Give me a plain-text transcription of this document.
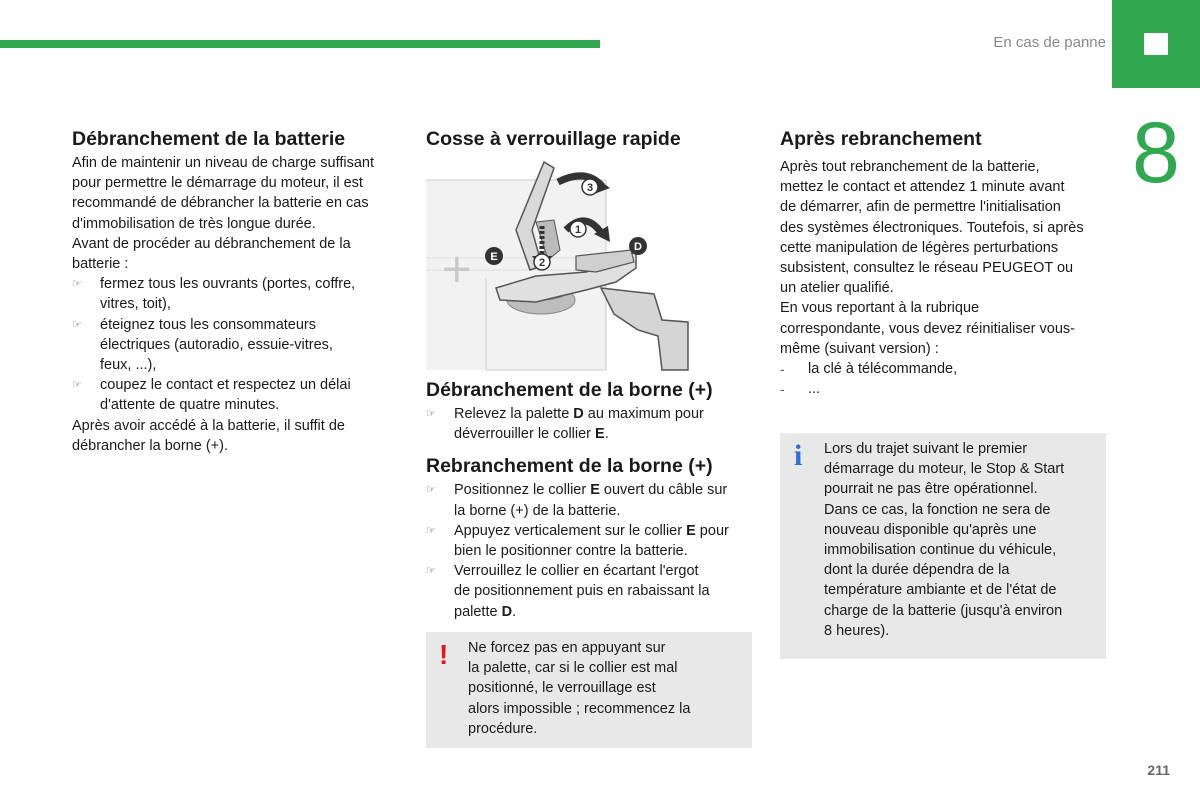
En cas de panne
8
Débranchement de la batterie

Afin de maintenir un niveau de charge suffisant

pour permettre le démarrage du moteur, il est

recommandé de débrancher la batterie en cas

d'immobilisation de très longue durée.

Avant de procéder au débranchement de la

batterie :

☞	fermez tous les ouvrants (portes, coffre,
vitres, toit),
☞	éteignez tous les consommateurs
électriques (autoradio, essuie-vitres,
feux, ...),
☞	coupez le contact et respectez un délai
d'attente de quatre minutes.

Après avoir accédé à la batterie, il suffit de

débrancher la borne (+).

Cosse à verrouillage rapide
+
3
1
2
D
E
Débranchement de la borne (+)
☞	Relevez la palette D au maximum pour
déverrouiller le collier E.
Rebranchement de la borne (+)
☞	Positionnez le collier E ouvert du câble sur
la borne (+) de la batterie.
☞	Appuyez verticalement sur le collier E pour
bien le positionner contre la batterie.
☞	Verrouillez le collier en écartant l'ergot
de positionnement puis en rabaissant la
palette D.
! Ne forcez pas en appuyant sur

la palette, car si le collier est mal

positionné, le verrouillage est

alors impossible ; recommencez la

procédure.

Après rebranchement

Après tout rebranchement de la batterie,

mettez le contact et attendez 1 minute avant

de démarrer, afin de permettre l'initialisation

des systèmes électroniques. Toutefois, si après

cette manipulation de légères perturbations

subsistent, consultez le réseau PEUGEOT ou

un atelier qualifié.

En vous reportant à la rubrique

correspondante, vous devez réinitialiser vous-

même (suivant version) :

-	la clé à télécommande,
-	...
i Lors du trajet suivant le premier

démarrage du moteur, le Stop & Start

pourrait ne pas être opérationnel.

Dans ce cas, la fonction ne sera de

nouveau disponible qu'après une

immobilisation continue du véhicule,

dont la durée dépendra de la

température ambiante et de l'état de

charge de la batterie (jusqu'à environ

8 heures).

211
